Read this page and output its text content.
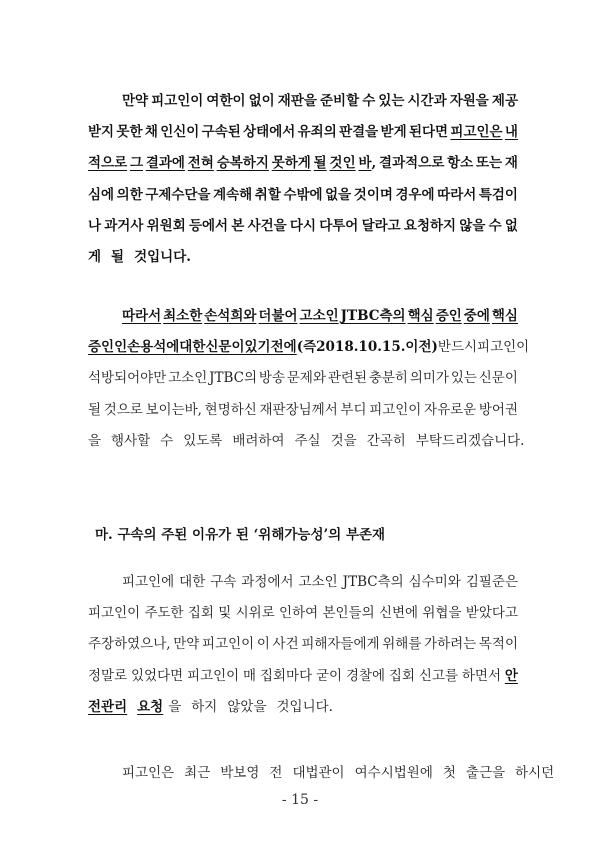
만약 피고인이 여한이 없이 재판을 준비할 수 있는 시간과 자원을 제공
받지 못한 채 인신이 구속된 상태에서 유죄의 판결을 받게 된다면 피고인은 내
적으로 그 결과에 전혀 승복하지 못하게 될 것인 바, 결과적으로 항소 또는 재
심에 의한 구제수단을 계속해 취할 수밖에 없을 것이며 경우에 따라서 특검이
나 과거사 위원회 등에서 본 사건을 다시 다투어 달라고 요청하지 않을 수 없
게 될 것입니다.
따라서 최소한 손석희와 더불어 고소인 JTBC측의 핵심 증인 중에 핵심
증인인 손용석에 대한 신문이 있기 전에(즉 2018. 10. 15. 이전) 반드시 피고인이
석방되어야만 고소인 JTBC의 방송 문제와 관련된 충분히 의미가 있는 신문이
될 것으로 보이는바, 현명하신 재판장님께서 부디 피고인이 자유로운 방어권
을 행사할 수 있도록 배려하여 주실 것을 간곡히 부탁드리겠습니다.
피고인에 대한 구속 과정에서 고소인 JTBC측의 심수미와 김필준은
피고인이 주도한 집회 및 시위로 인하여 본인들의 신변에 위협을 받았다고
주장하였으나, 만약 피고인이 이 사건 피해자들에게 위해를 가하려는 목적이
정말로 있었다면 피고인이 매 집회마다 굳이 경찰에 집회 신고를 하면서 안
전관리 요청 을 하지 않았을 것입니다.
피고인은 최근 박보영 전 대법관이 여수시법원에 첫 출근을 하시던
마. 구속의 주된 이유가 된 ‘위해가능성’의 부존재
- 15 -
